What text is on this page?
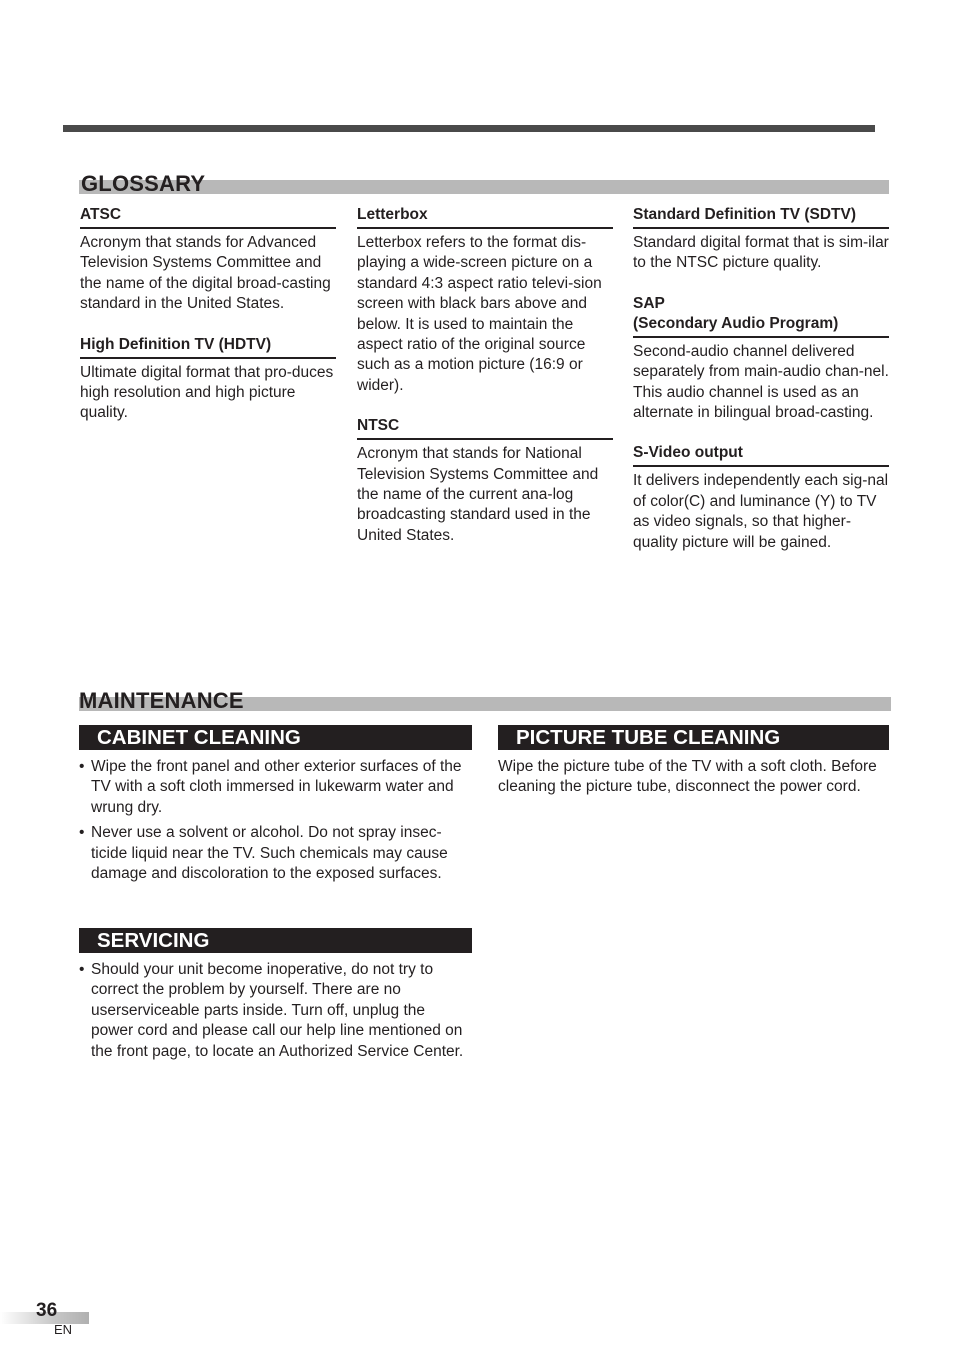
GLOSSARY
ATSC
Acronym that stands for Advanced Television Systems Committee and the name of the digital broad-casting standard in the United States.
High Definition TV (HDTV)
Ultimate digital format that pro-duces high resolution and high picture quality.
Letterbox
Letterbox refers to the format dis-playing a wide-screen picture on a standard 4:3 aspect ratio televi-sion screen with black bars above and below. It is used to maintain the aspect ratio of the original source such as a motion picture (16:9 or wider).
NTSC
Acronym that stands for National Television Systems Committee and the name of the current ana-log broadcasting standard used in the United States.
Standard Definition TV (SDTV)
Standard digital format that is sim-ilar to the NTSC picture quality.
SAP
(Secondary Audio Program)
Second-audio channel delivered separately from main-audio chan-nel. This audio channel is used as an alternate in bilingual broad-casting.
S-Video output
It delivers independently each sig-nal of color(C) and luminance (Y) to TV as video signals, so that higher-quality picture will be gained.
MAINTENANCE
CABINET CLEANING
• Wipe the front panel and other exterior surfaces of the TV with a soft cloth immersed in lukewarm water and wrung dry.
• Never use a solvent or alcohol. Do not spray insec-ticide liquid near the TV. Such chemicals may cause damage and discoloration to the exposed surfaces.
SERVICING
• Should your unit become inoperative, do not try to correct the problem by yourself. There are no userserviceable parts inside. Turn off, unplug the power cord and please call our help line mentioned on the front page, to locate an Authorized Service Center.
PICTURE TUBE CLEANING
Wipe the picture tube of the TV with a soft cloth. Before cleaning the picture tube, disconnect the power cord.
36
EN
